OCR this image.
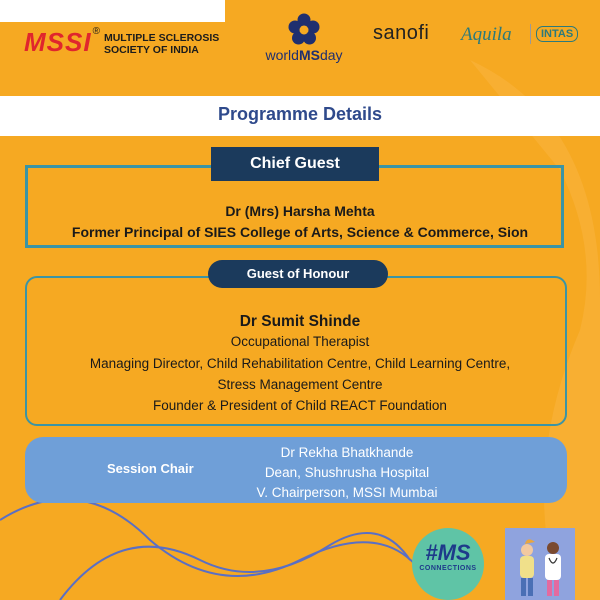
MSSI ®
MULTIPLE SCLEROSIS
SOCIETY OF INDIA	worldMSday
sanofi Aquila	INTAS
Programme Details
Chief Guest
Dr (Mrs) Harsha Mehta
Former Principal of SIES College of Arts, Science & Commerce, Sion
Guest of Honour
Dr Sumit Shinde
Occupational Therapist
Managing Director, Child Rehabilitation Centre, Child Learning Centre,
Stress Management Centre
Founder & President of Child REACT Foundation
Session Chair
Dr Rekha Bhatkhande
Dean, Shushrusha Hospital
V. Chairperson, MSSI Mumbai
#MS
CONNECTIONS
